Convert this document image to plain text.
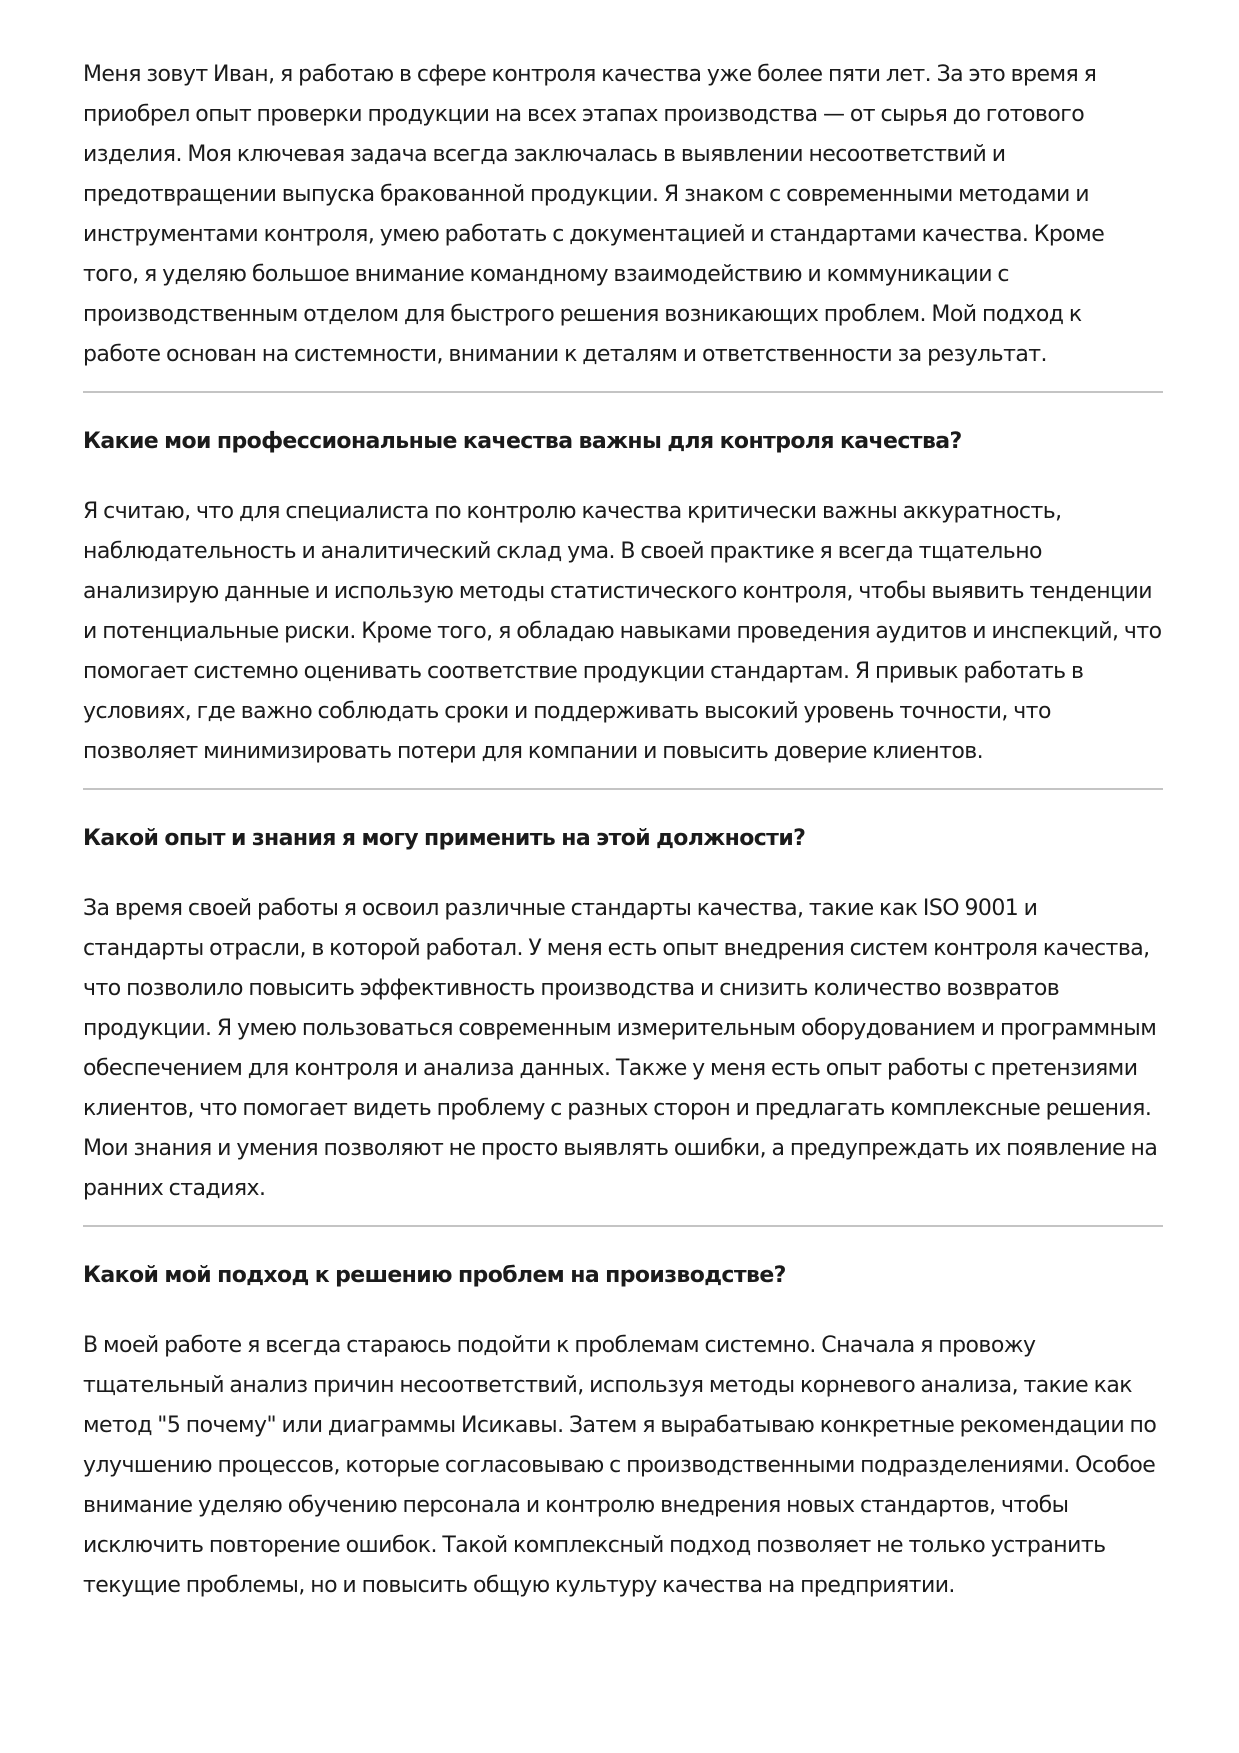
Меня зовут Иван, я работаю в сфере контроля качества уже более пяти лет. За это время я приобрел опыт проверки продукции на всех этапах производства — от сырья до готового изделия. Моя ключевая задача всегда заключалась в выявлении несоответствий и предотвращении выпуска бракованной продукции. Я знаком с современными методами и инструментами контроля, умею работать с документацией и стандартами качества. Кроме того, я уделяю большое внимание командному взаимодействию и коммуникации с производственным отделом для быстрого решения возникающих проблем. Мой подход к работе основан на системности, внимании к деталям и ответственности за результат.

Какие мои профессиональные качества важны для контроля качества?

Я считаю, что для специалиста по контролю качества критически важны аккуратность, наблюдательность и аналитический склад ума. В своей практике я всегда тщательно анализирую данные и использую методы статистического контроля, чтобы выявить тенденции и потенциальные риски. Кроме того, я обладаю навыками проведения аудитов и инспекций, что помогает системно оценивать соответствие продукции стандартам. Я привык работать в условиях, где важно соблюдать сроки и поддерживать высокий уровень точности, что позволяет минимизировать потери для компании и повысить доверие клиентов.

Какой опыт и знания я могу применить на этой должности?

За время своей работы я освоил различные стандарты качества, такие как ISO 9001 и стандарты отрасли, в которой работал. У меня есть опыт внедрения систем контроля качества, что позволило повысить эффективность производства и снизить количество возвратов продукции. Я умею пользоваться современным измерительным оборудованием и программным обеспечением для контроля и анализа данных. Также у меня есть опыт работы с претензиями клиентов, что помогает видеть проблему с разных сторон и предлагать комплексные решения. Мои знания и умения позволяют не просто выявлять ошибки, а предупреждать их появление на ранних стадиях.

Какой мой подход к решению проблем на производстве?

В моей работе я всегда стараюсь подойти к проблемам системно. Сначала я провожу тщательный анализ причин несоответствий, используя методы корневого анализа, такие как метод "5 почему" или диаграммы Исикавы. Затем я вырабатываю конкретные рекомендации по улучшению процессов, которые согласовываю с производственными подразделениями. Особое внимание уделяю обучению персонала и контролю внедрения новых стандартов, чтобы исключить повторение ошибок. Такой комплексный подход позволяет не только устранить текущие проблемы, но и повысить общую культуру качества на предприятии.
